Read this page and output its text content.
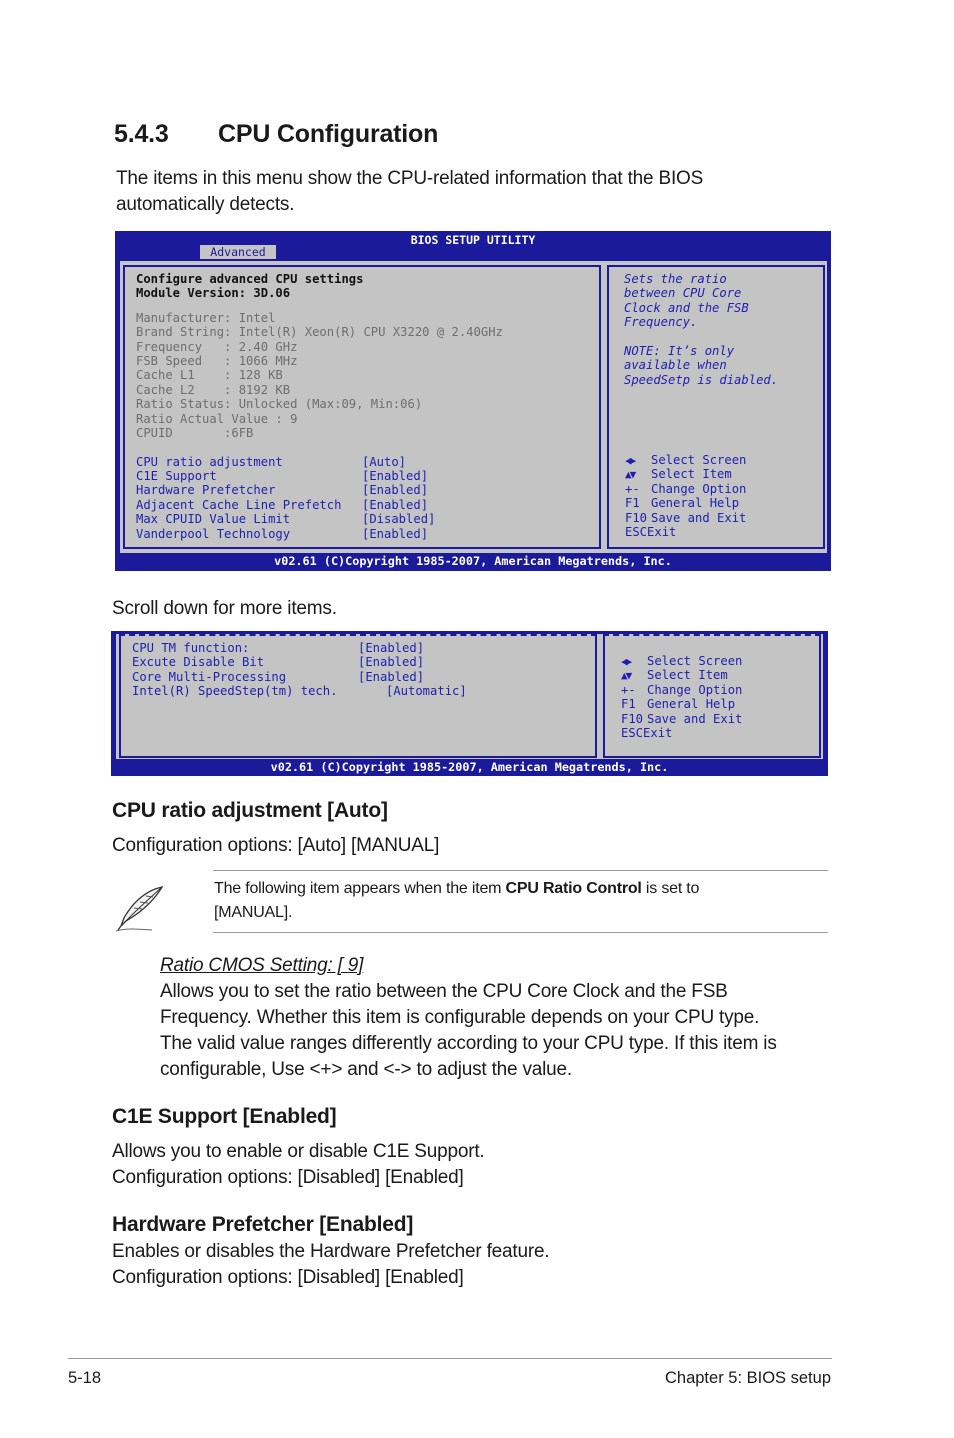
5.4.3 CPU Configuration
The items in this menu show the CPU-related information that the BIOS
automatically detects.
BIOS SETUP UTILITY
Advanced
Configure advanced CPU settings
Module Version: 3D.06
Manufacturer: Intel
Brand String: Intel(R) Xeon(R) CPU X3220 @ 2.40GHz
Frequency   : 2.40 GHz
FSB Speed   : 1066 MHz
Cache L1    : 128 KB
Cache L2    : 8192 KB
Ratio Status: Unlocked (Max:09, Min:06)
Ratio Actual Value : 9
CPUID       :6FB
CPU ratio adjustment	[Auto]
C1E Support	[Enabled]
Hardware Prefetcher	[Enabled]
Adjacent Cache Line Prefetch [Enabled]
Max CPUID Value Limit	[Disabled]
Vanderpool Technology	[Enabled]
Sets the ratio
between CPU Core
Clock and the FSB
Frequency.
NOTE: It’s only
available when
SpeedSetp is diabled.
◀▶ Select Screen
▲▼ Select Item
+- Change Option
F1 General Help
F10 Save and Exit
ESCExit
v02.61 (C)Copyright 1985-2007, American Megatrends, Inc.
Scroll down for more items.
CPU TM function:	[Enabled]
Excute Disable Bit	[Enabled]
Core Multi-Processing	[Enabled]
Intel(R) SpeedStep(tm) tech.	[Automatic]
◀▶ Select Screen
▲▼ Select Item
+- Change Option
F1 General Help
F10 Save and Exit
ESCExit
v02.61 (C)Copyright 1985-2007, American Megatrends, Inc.
CPU ratio adjustment [Auto]
Configuration options: [Auto] [MANUAL]
The following item appears when the item CPU Ratio Control is set to
[MANUAL].
Ratio CMOS Setting: [ 9]
Allows you to set the ratio between the CPU Core Clock and the FSB
Frequency. Whether this item is configurable depends on your CPU type.
The valid value ranges differently according to your CPU type. If this item is
configurable, Use <+> and <-> to adjust the value.
C1E Support [Enabled]
Allows you to enable or disable C1E Support.
Configuration options: [Disabled] [Enabled]
Hardware Prefetcher [Enabled]
Enables or disables the Hardware Prefetcher feature.
Configuration options: [Disabled] [Enabled]
5-18	Chapter 5: BIOS setup
